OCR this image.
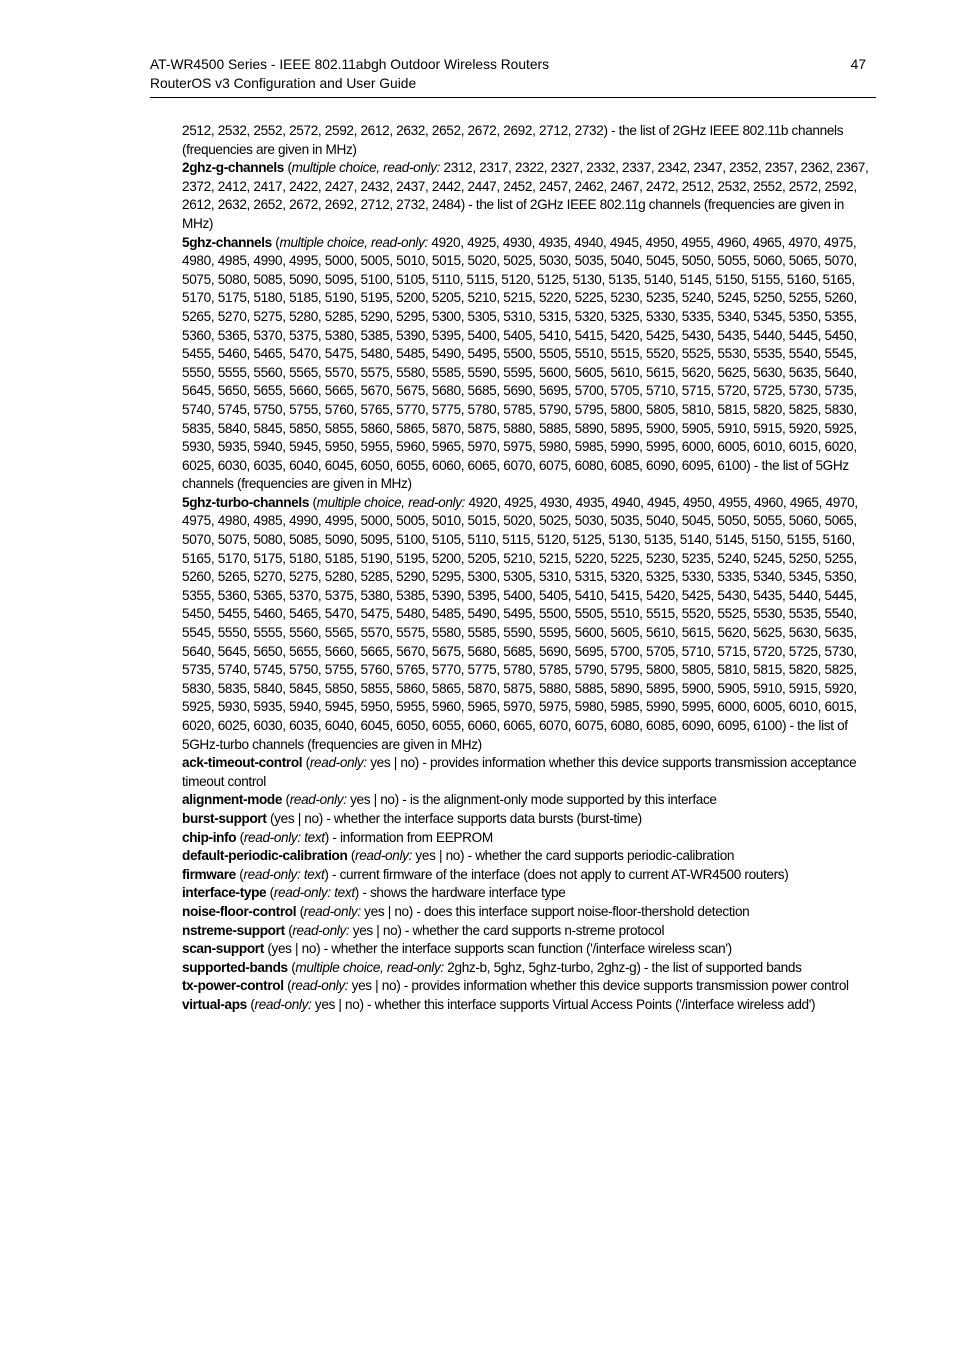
AT-WR4500 Series - IEEE 802.11abgh Outdoor Wireless Routers
RouterOS v3 Configuration and User Guide
47

2512, 2532, 2552, 2572, 2592, 2612, 2632, 2652, 2672, 2692, 2712, 2732) - the list of 2GHz IEEE 802.11b channels (frequencies are given in MHz)

2ghz-g-channels (multiple choice, read-only: 2312, 2317, 2322, 2327, 2332, 2337, 2342, 2347, 2352, 2357, 2362, 2367, 2372, 2412, 2417, 2422, 2427, 2432, 2437, 2442, 2447, 2452, 2457, 2462, 2467, 2472, 2512, 2532, 2552, 2572, 2592, 2612, 2632, 2652, 2672, 2692, 2712, 2732, 2484) - the list of 2GHz IEEE 802.11g channels (frequencies are given in MHz)

5ghz-channels (multiple choice, read-only: 4920, 4925, 4930, 4935, 4940, 4945, 4950, 4955, 4960, 4965, 4970, 4975, 4980, 4985, 4990, 4995, 5000, 5005, 5010, 5015, 5020, 5025, 5030, 5035, 5040, 5045, 5050, 5055, 5060, 5065, 5070, 5075, 5080, 5085, 5090, 5095, 5100, 5105, 5110, 5115, 5120, 5125, 5130, 5135, 5140, 5145, 5150, 5155, 5160, 5165, 5170, 5175, 5180, 5185, 5190, 5195, 5200, 5205, 5210, 5215, 5220, 5225, 5230, 5235, 5240, 5245, 5250, 5255, 5260, 5265, 5270, 5275, 5280, 5285, 5290, 5295, 5300, 5305, 5310, 5315, 5320, 5325, 5330, 5335, 5340, 5345, 5350, 5355, 5360, 5365, 5370, 5375, 5380, 5385, 5390, 5395, 5400, 5405, 5410, 5415, 5420, 5425, 5430, 5435, 5440, 5445, 5450, 5455, 5460, 5465, 5470, 5475, 5480, 5485, 5490, 5495, 5500, 5505, 5510, 5515, 5520, 5525, 5530, 5535, 5540, 5545, 5550, 5555, 5560, 5565, 5570, 5575, 5580, 5585, 5590, 5595, 5600, 5605, 5610, 5615, 5620, 5625, 5630, 5635, 5640, 5645, 5650, 5655, 5660, 5665, 5670, 5675, 5680, 5685, 5690, 5695, 5700, 5705, 5710, 5715, 5720, 5725, 5730, 5735, 5740, 5745, 5750, 5755, 5760, 5765, 5770, 5775, 5780, 5785, 5790, 5795, 5800, 5805, 5810, 5815, 5820, 5825, 5830, 5835, 5840, 5845, 5850, 5855, 5860, 5865, 5870, 5875, 5880, 5885, 5890, 5895, 5900, 5905, 5910, 5915, 5920, 5925, 5930, 5935, 5940, 5945, 5950, 5955, 5960, 5965, 5970, 5975, 5980, 5985, 5990, 5995, 6000, 6005, 6010, 6015, 6020, 6025, 6030, 6035, 6040, 6045, 6050, 6055, 6060, 6065, 6070, 6075, 6080, 6085, 6090, 6095, 6100) - the list of 5GHz channels (frequencies are given in MHz)

5ghz-turbo-channels (multiple choice, read-only: 4920, 4925, 4930, 4935, 4940, 4945, 4950, 4955, 4960, 4965, 4970, 4975, 4980, 4985, 4990, 4995, 5000, 5005, 5010, 5015, 5020, 5025, 5030, 5035, 5040, 5045, 5050, 5055, 5060, 5065, 5070, 5075, 5080, 5085, 5090, 5095, 5100, 5105, 5110, 5115, 5120, 5125, 5130, 5135, 5140, 5145, 5150, 5155, 5160, 5165, 5170, 5175, 5180, 5185, 5190, 5195, 5200, 5205, 5210, 5215, 5220, 5225, 5230, 5235, 5240, 5245, 5250, 5255, 5260, 5265, 5270, 5275, 5280, 5285, 5290, 5295, 5300, 5305, 5310, 5315, 5320, 5325, 5330, 5335, 5340, 5345, 5350, 5355, 5360, 5365, 5370, 5375, 5380, 5385, 5390, 5395, 5400, 5405, 5410, 5415, 5420, 5425, 5430, 5435, 5440, 5445, 5450, 5455, 5460, 5465, 5470, 5475, 5480, 5485, 5490, 5495, 5500, 5505, 5510, 5515, 5520, 5525, 5530, 5535, 5540, 5545, 5550, 5555, 5560, 5565, 5570, 5575, 5580, 5585, 5590, 5595, 5600, 5605, 5610, 5615, 5620, 5625, 5630, 5635, 5640, 5645, 5650, 5655, 5660, 5665, 5670, 5675, 5680, 5685, 5690, 5695, 5700, 5705, 5710, 5715, 5720, 5725, 5730, 5735, 5740, 5745, 5750, 5755, 5760, 5765, 5770, 5775, 5780, 5785, 5790, 5795, 5800, 5805, 5810, 5815, 5820, 5825, 5830, 5835, 5840, 5845, 5850, 5855, 5860, 5865, 5870, 5875, 5880, 5885, 5890, 5895, 5900, 5905, 5910, 5915, 5920, 5925, 5930, 5935, 5940, 5945, 5950, 5955, 5960, 5965, 5970, 5975, 5980, 5985, 5990, 5995, 6000, 6005, 6010, 6015, 6020, 6025, 6030, 6035, 6040, 6045, 6050, 6055, 6060, 6065, 6070, 6075, 6080, 6085, 6090, 6095, 6100) - the list of 5GHz-turbo channels (frequencies are given in MHz)

ack-timeout-control (read-only: yes | no) - provides information whether this device supports transmission acceptance timeout control

alignment-mode (read-only: yes | no) - is the alignment-only mode supported by this interface

burst-support (yes | no) - whether the interface supports data bursts (burst-time)

chip-info (read-only: text) - information from EEPROM

default-periodic-calibration (read-only: yes | no) - whether the card supports periodic-calibration

firmware (read-only: text) - current firmware of the interface (does not apply to current AT-WR4500 routers)

interface-type (read-only: text) - shows the hardware interface type

noise-floor-control (read-only: yes | no) - does this interface support noise-floor-thershold detection

nstreme-support (read-only: yes | no) - whether the card supports n-streme protocol

scan-support (yes | no) - whether the interface supports scan function ('/interface wireless scan')

supported-bands (multiple choice, read-only: 2ghz-b, 5ghz, 5ghz-turbo, 2ghz-g) - the list of supported bands

tx-power-control (read-only: yes | no) - provides information whether this device supports transmission power control

virtual-aps (read-only: yes | no) - whether this interface supports Virtual Access Points ('/interface wireless add')
